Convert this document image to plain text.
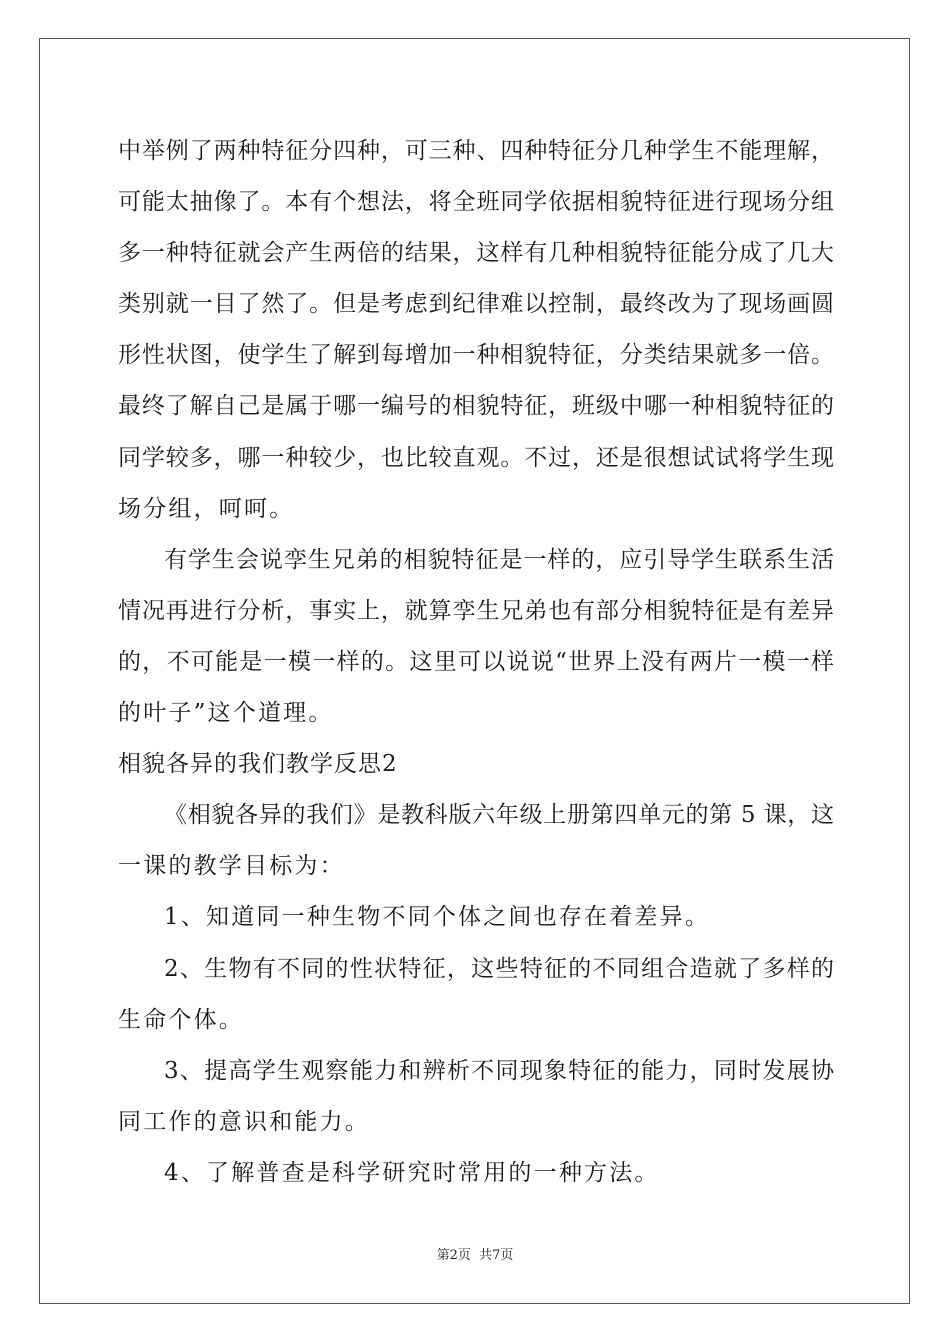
中举例了两种特征分四种，可三种、四种特征分几种学生不能理解，
可能太抽像了。本有个想法，将全班同学依据相貌特征进行现场分组
多一种特征就会产生两倍的结果，这样有几种相貌特征能分成了几大
类别就一目了然了。但是考虑到纪律难以控制，最终改为了现场画圆
形性状图，使学生了解到每增加一种相貌特征，分类结果就多一倍。
最终了解自己是属于哪一编号的相貌特征，班级中哪一种相貌特征的
同学较多，哪一种较少，也比较直观。不过，还是很想试试将学生现
场分组，呵呵。
有学生会说孪生兄弟的相貌特征是一样的，应引导学生联系生活
情况再进行分析，事实上，就算孪生兄弟也有部分相貌特征是有差异
的，不可能是一模一样的。这里可以说说“世界上没有两片一模一样
的叶子”这个道理。
相貌各异的我们教学反思2
《相貌各异的我们》是教科版六年级上册第四单元的第 5 课，这
一课的教学目标为：
1、知道同一种生物不同个体之间也存在着差异。
2、生物有不同的性状特征，这些特征的不同组合造就了多样的
生命个体。
3、提高学生观察能力和辨析不同现象特征的能力，同时发展协
同工作的意识和能力。
4、了解普查是科学研究时常用的一种方法。
第2页 共7页
